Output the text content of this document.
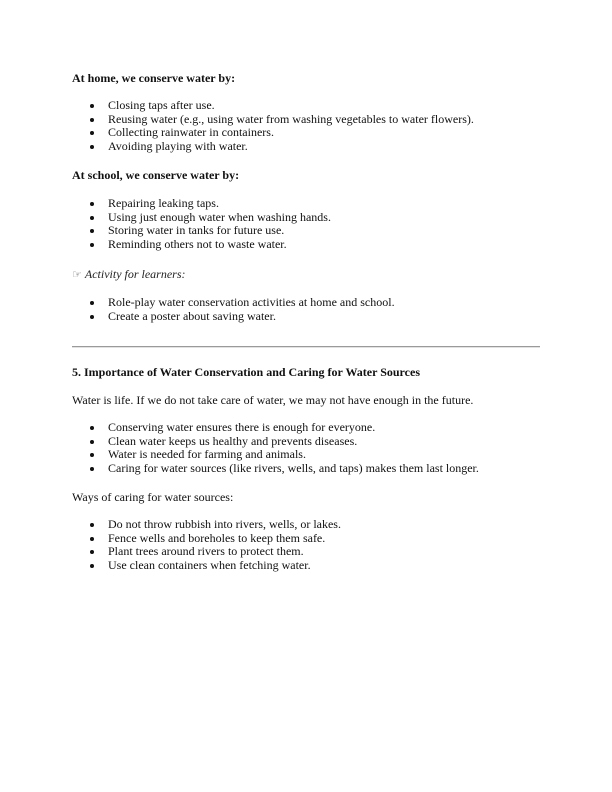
At home, we conserve water by:
Closing taps after use.
Reusing water (e.g., using water from washing vegetables to water flowers).
Collecting rainwater in containers.
Avoiding playing with water.
At school, we conserve water by:
Repairing leaking taps.
Using just enough water when washing hands.
Storing water in tanks for future use.
Reminding others not to waste water.
☞ Activity for learners:
Role-play water conservation activities at home and school.
Create a poster about saving water.
5. Importance of Water Conservation and Caring for Water Sources
Water is life. If we do not take care of water, we may not have enough in the future.
Conserving water ensures there is enough for everyone.
Clean water keeps us healthy and prevents diseases.
Water is needed for farming and animals.
Caring for water sources (like rivers, wells, and taps) makes them last longer.
Ways of caring for water sources:
Do not throw rubbish into rivers, wells, or lakes.
Fence wells and boreholes to keep them safe.
Plant trees around rivers to protect them.
Use clean containers when fetching water.
